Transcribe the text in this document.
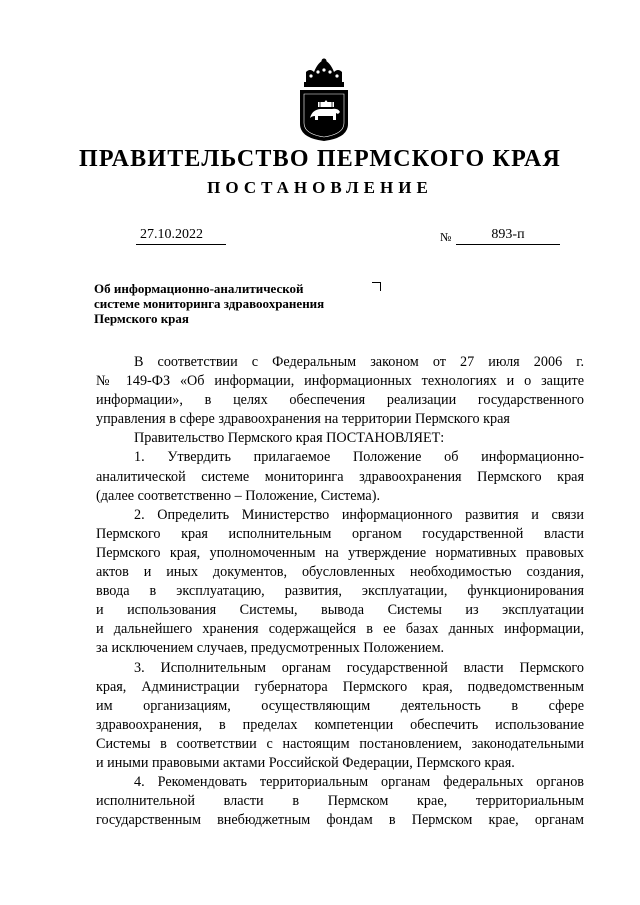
ПРАВИТЕЛЬСТВО ПЕРМСКОГО КРАЯ
ПОСТАНОВЛЕНИЕ
27.10.2022	№	893-п
Об информационно-аналитической
системе мониторинга здравоохранения
Пермского края
В соответствии с Федеральным законом от 27 июля 2006 г.
№ 149-ФЗ «Об информации, информационных технологиях и о защите
информации», в целях обеспечения реализации государственного
управления в сфере здравоохранения на территории Пермского края
Правительство Пермского края ПОСТАНОВЛЯЕТ:
1. Утвердить прилагаемое Положение об информационно-
аналитической системе мониторинга здравоохранения Пермского края
(далее соответственно – Положение, Система).
2. Определить Министерство информационного развития и связи
Пермского края исполнительным органом государственной власти
Пермского края, уполномоченным на утверждение нормативных правовых
актов и иных документов, обусловленных необходимостью создания,
ввода в эксплуатацию, развития, эксплуатации, функционирования
и использования Системы, вывода Системы из эксплуатации
и дальнейшего хранения содержащейся в ее базах данных информации,
за исключением случаев, предусмотренных Положением.
3. Исполнительным органам государственной власти Пермского
края, Администрации губернатора Пермского края, подведомственным
им организациям, осуществляющим деятельность в сфере
здравоохранения, в пределах компетенции обеспечить использование
Системы в соответствии с настоящим постановлением, законодательными
и иными правовыми актами Российской Федерации, Пермского края.
4. Рекомендовать территориальным органам федеральных органов
исполнительной власти в Пермском крае, территориальным
государственным внебюджетным фондам в Пермском крае, органам
